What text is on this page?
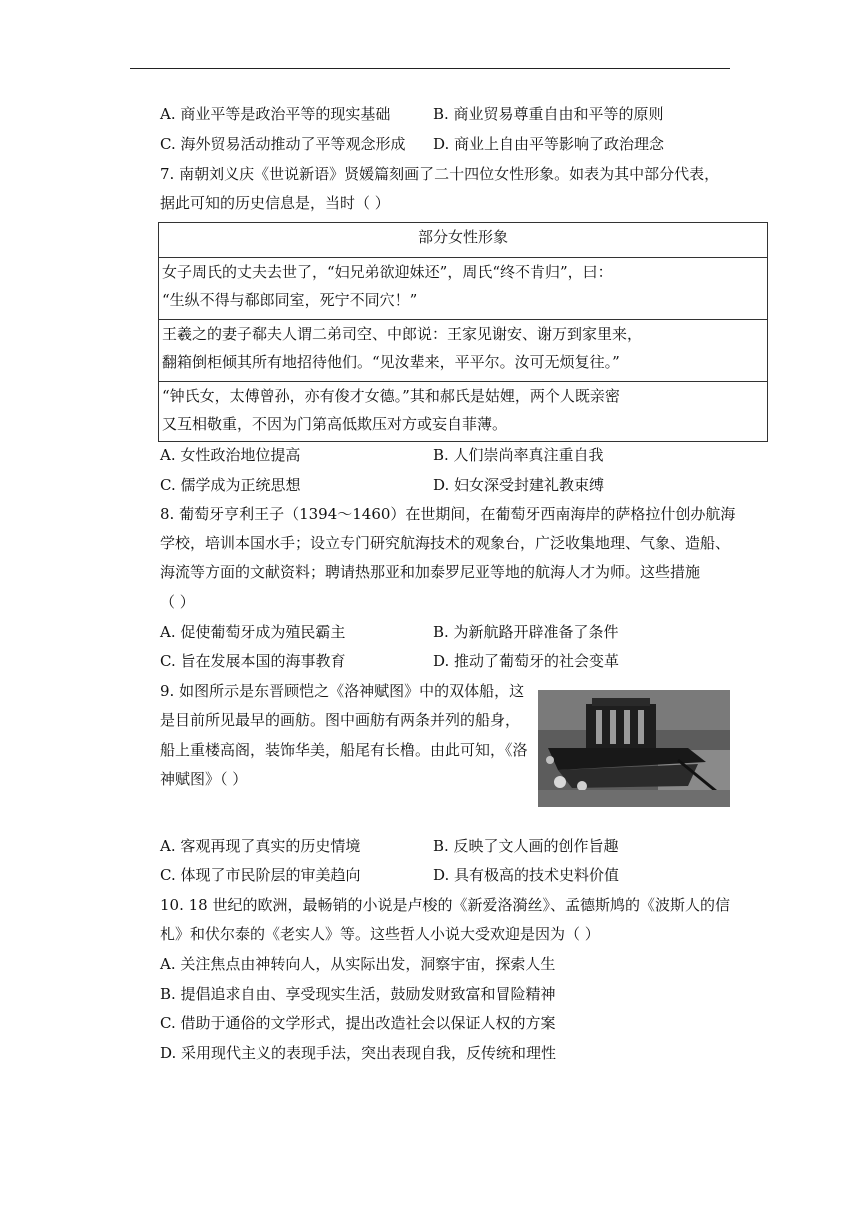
A. 商业平等是政治平等的现实基础	B. 商业贸易尊重自由和平等的原则
C. 海外贸易活动推动了平等观念形成 D. 商业上自由平等影响了政治理念
7. 南朝刘义庆《世说新语》贤媛篇刻画了二十四位女性形象。如表为其中部分代表，
据此可知的历史信息是，当时（ ）
部分女性形象
女子周氏的丈夫去世了，“妇兄弟欲迎妹还”，周氏“终不肯归”，曰：
“生纵不得与郗郎同室，死宁不同穴！”
王羲之的妻子郗夫人谓二弟司空、中郎说：王家见谢安、谢万到家里来，
翻箱倒柜倾其所有地招待他们。“见汝辈来，平平尔。汝可无烦复往。”
“钟氏女，太傅曾孙，亦有俊才女德。”其和郝氏是姑娌，两个人既亲密
又互相敬重，不因为门第高低欺压对方或妄自菲薄。
A. 女性政治地位提高	B. 人们崇尚率真注重自我
C. 儒学成为正统思想	D. 妇女深受封建礼教束缚
8. 葡萄牙亨利王子（1394～1460）在世期间，在葡萄牙西南海岸的萨格拉什创办航海
学校，培训本国水手；设立专门研究航海技术的观象台，广泛收集地理、气象、造船、
海流等方面的文献资料；聘请热那亚和加泰罗尼亚等地的航海人才为师。这些措施
（ ）
A. 促使葡萄牙成为殖民霸主	B. 为新航路开辟准备了条件
C. 旨在发展本国的海事教育	D. 推动了葡萄牙的社会变革
9. 如图所示是东晋顾恺之《洛神赋图》中的双体船，这
是目前所见最早的画舫。图中画舫有两条并列的船身，
船上重楼高阁，装饰华美，船尾有长橹。由此可知，《洛
神赋图》（ ）
A. 客观再现了真实的历史情境	B. 反映了文人画的创作旨趣
C. 体现了市民阶层的审美趋向	D. 具有极高的技术史料价值
10. 18 世纪的欧洲，最畅销的小说是卢梭的《新爱洛漪丝》、孟德斯鸠的《波斯人的信
札》和伏尔泰的《老实人》等。这些哲人小说大受欢迎是因为（ ）
A. 关注焦点由神转向人，从实际出发，洞察宇宙，探索人生
B. 提倡追求自由、享受现实生活，鼓励发财致富和冒险精神
C. 借助于通俗的文学形式，提出改造社会以保证人权的方案
D. 采用现代主义的表现手法，突出表现自我，反传统和理性
